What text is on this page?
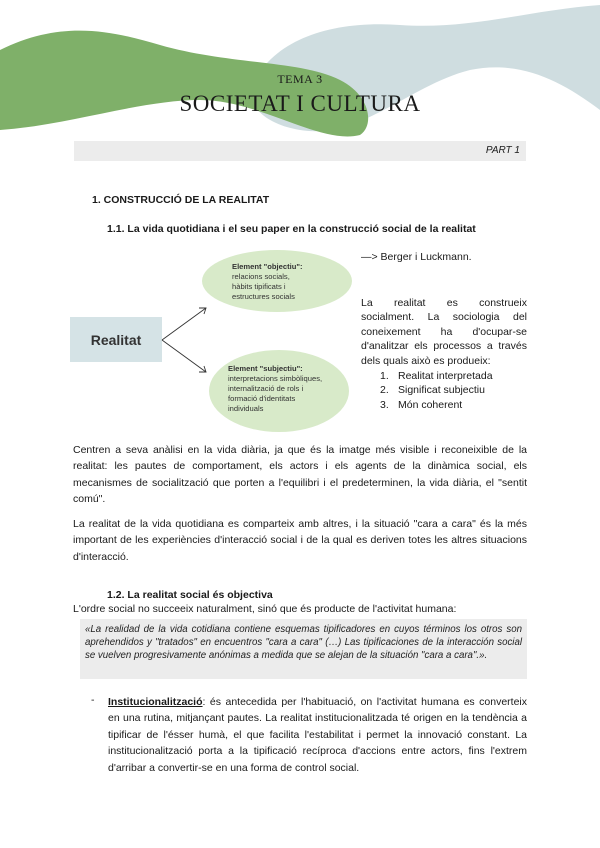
TEMA 3
SOCIETAT I CULTURA
PART 1
1. CONSTRUCCIÓ DE LA REALITAT
1.1. La vida quotidiana i el seu paper en la construcció social de la realitat
Realitat
Element "objectiu":
relacions socials,
hàbits tipificats i
estructures socials
Element "subjectiu":
interpretacions simbòliques,
internalització de rols i
formació d'identitats
individuals
—> Berger i Luckmann.
La realitat es construeix socialment. La sociologia del coneixement ha d'ocupar-se d'analitzar els processos a través dels quals això es produeix:
1. Realitat interpretada
2. Significat subjectiu
3. Món coherent
Centren a seva anàlisi en la vida diària, ja que és la imatge més visible i reconeixible de la realitat: les pautes de comportament, els actors i els agents de la dinàmica social, els mecanismes de socialització que porten a l'equilibri i el predeterminen, la vida diària, el "sentit comú".
La realitat de la vida quotidiana es comparteix amb altres, i la situació "cara a cara" és la més important de les experiències d'interacció social i de la qual es deriven totes les altres situacions d'interacció.
1.2. La realitat social és objectiva
L'ordre social no succeeix naturalment, sinó que és producte de l'activitat humana:
«La realidad de la vida cotidiana contiene esquemas tipificadores en cuyos términos los otros son aprehendidos y "tratados" en encuentros "cara a cara" (…) Las tipificaciones de la interacción social se vuelven progresivamente anónimas a medida que se alejan de la situación "cara a cara".».
- Institucionalització: és antecedida per l'habituació, on l'activitat humana es converteix en una rutina, mitjançant pautes. La realitat institucionalitzada té origen en la tendència a tipificar de l'ésser humà, el que facilita l'estabilitat i permet la innovació constant. La institucionalització porta a la tipificació recíproca d'accions entre actors, fins l'extrem d'arribar a convertir-se en una forma de control social.
